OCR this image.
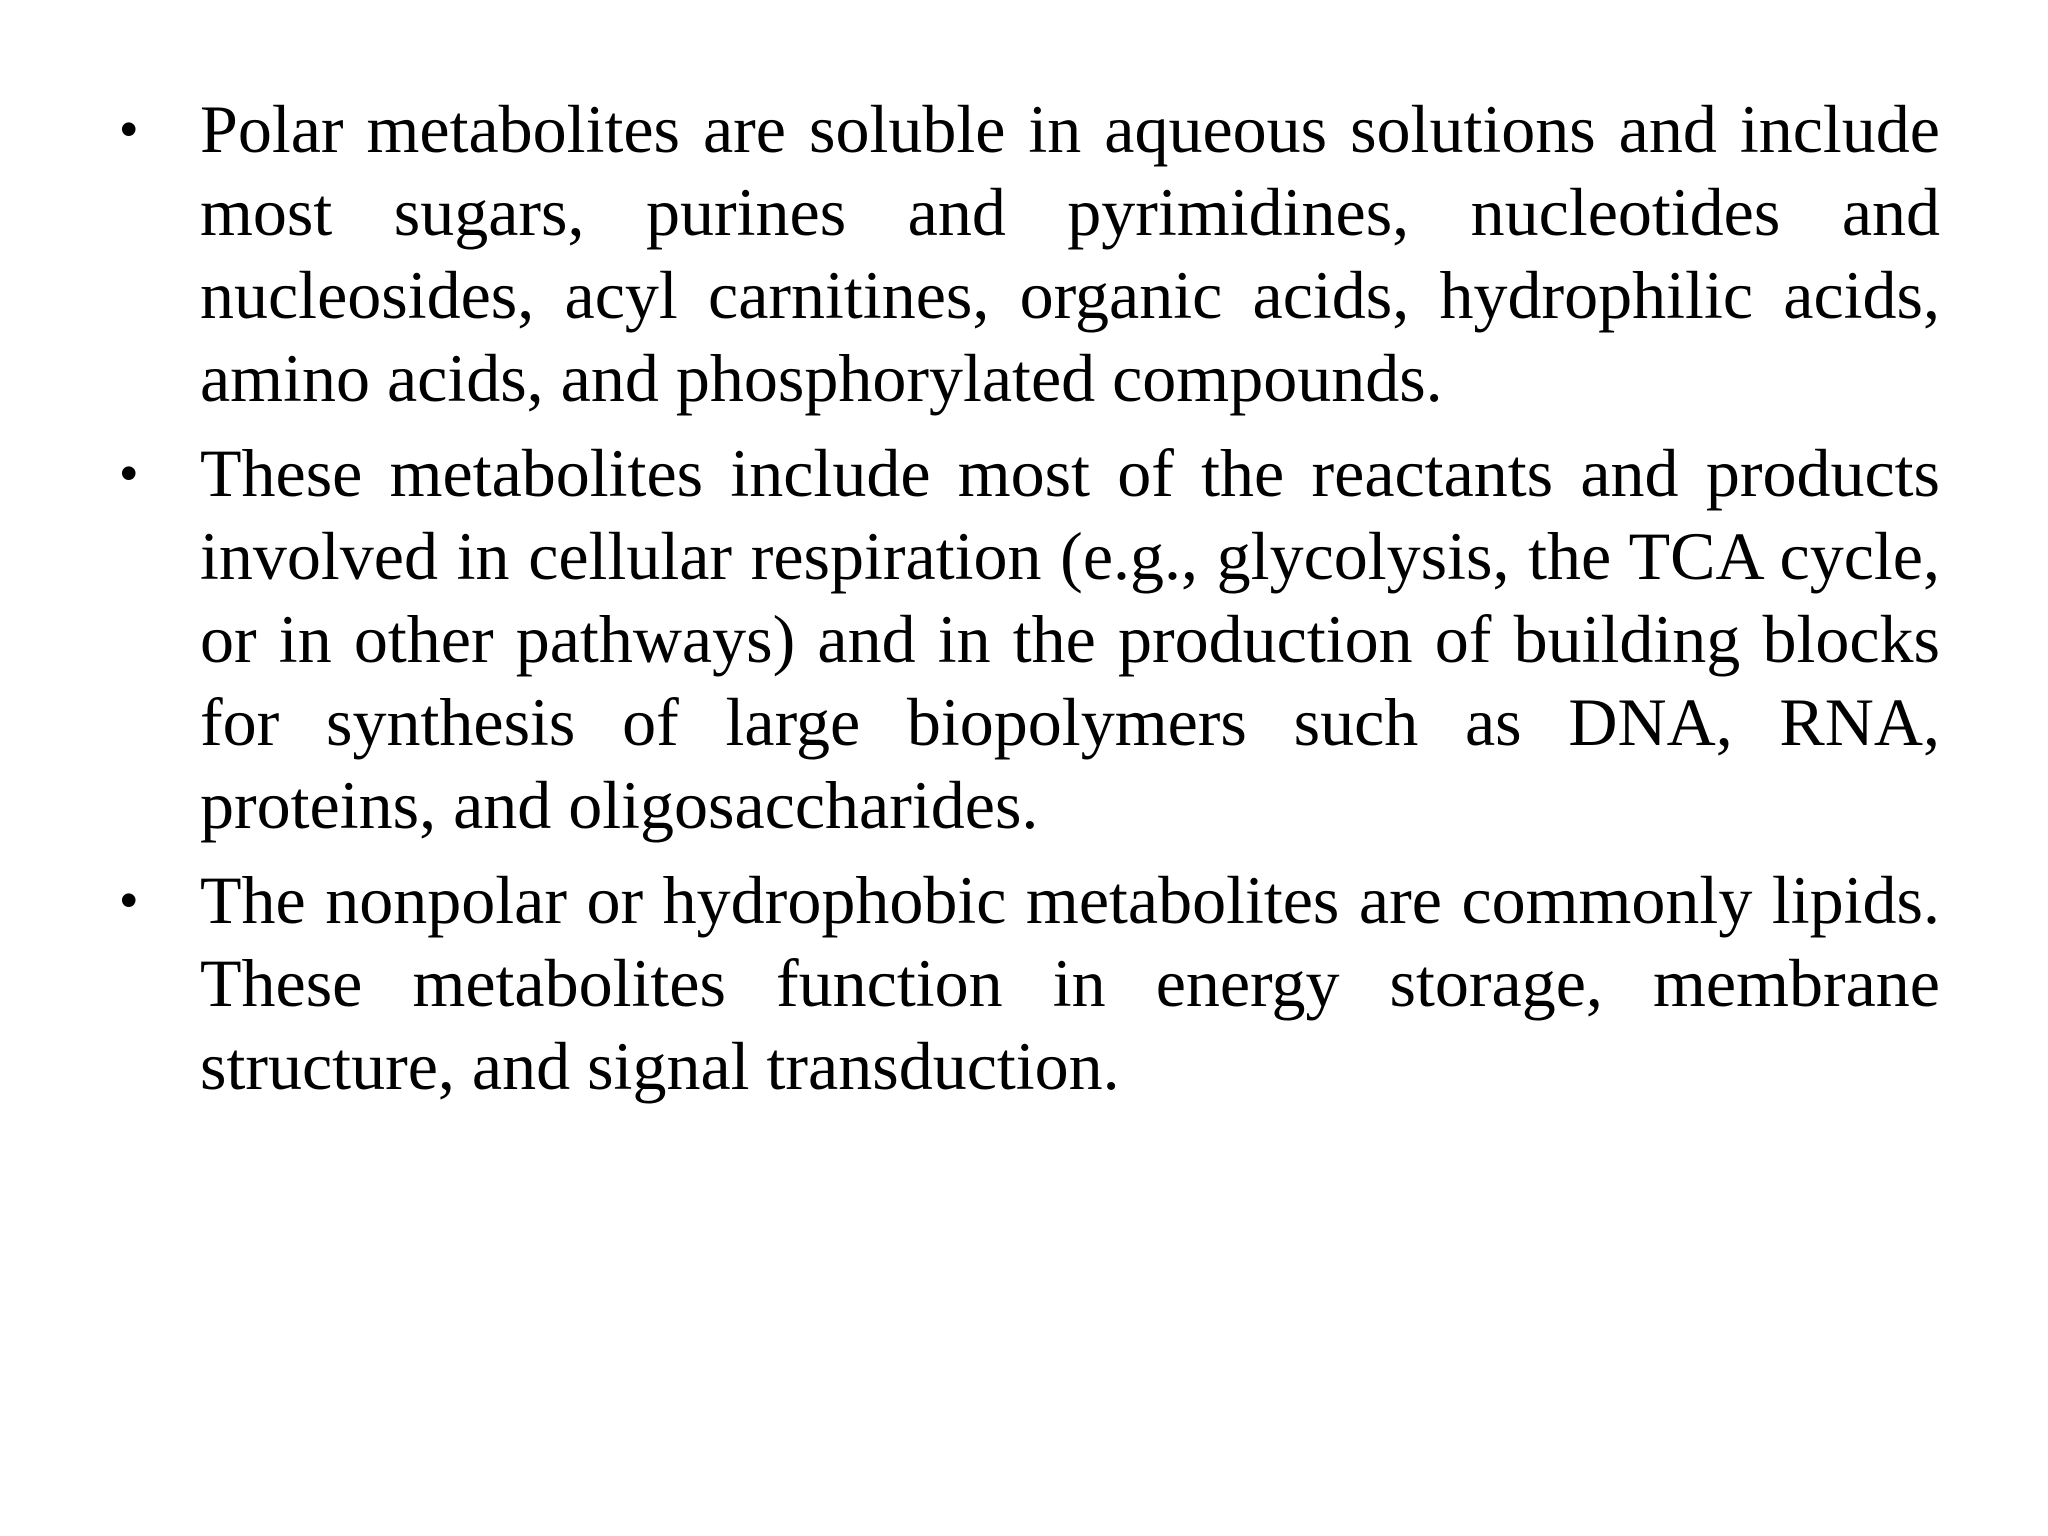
• Polar metabolites are soluble in aqueous solutions and include most sugars, purines and pyrimidines, nucleotides and nucleosides, acyl carnitines, organic acids, hydrophilic acids, amino acids, and phosphorylated compounds.
• These metabolites include most of the reactants and products involved in cellular respiration (e.g., glycolysis, the TCA cycle, or in other pathways) and in the production of building blocks for synthesis of large biopolymers such as DNA, RNA, proteins, and oligosaccharides.
• The nonpolar or hydrophobic metabolites are commonly lipids. These metabolites function in energy storage, membrane structure, and signal transduction.
